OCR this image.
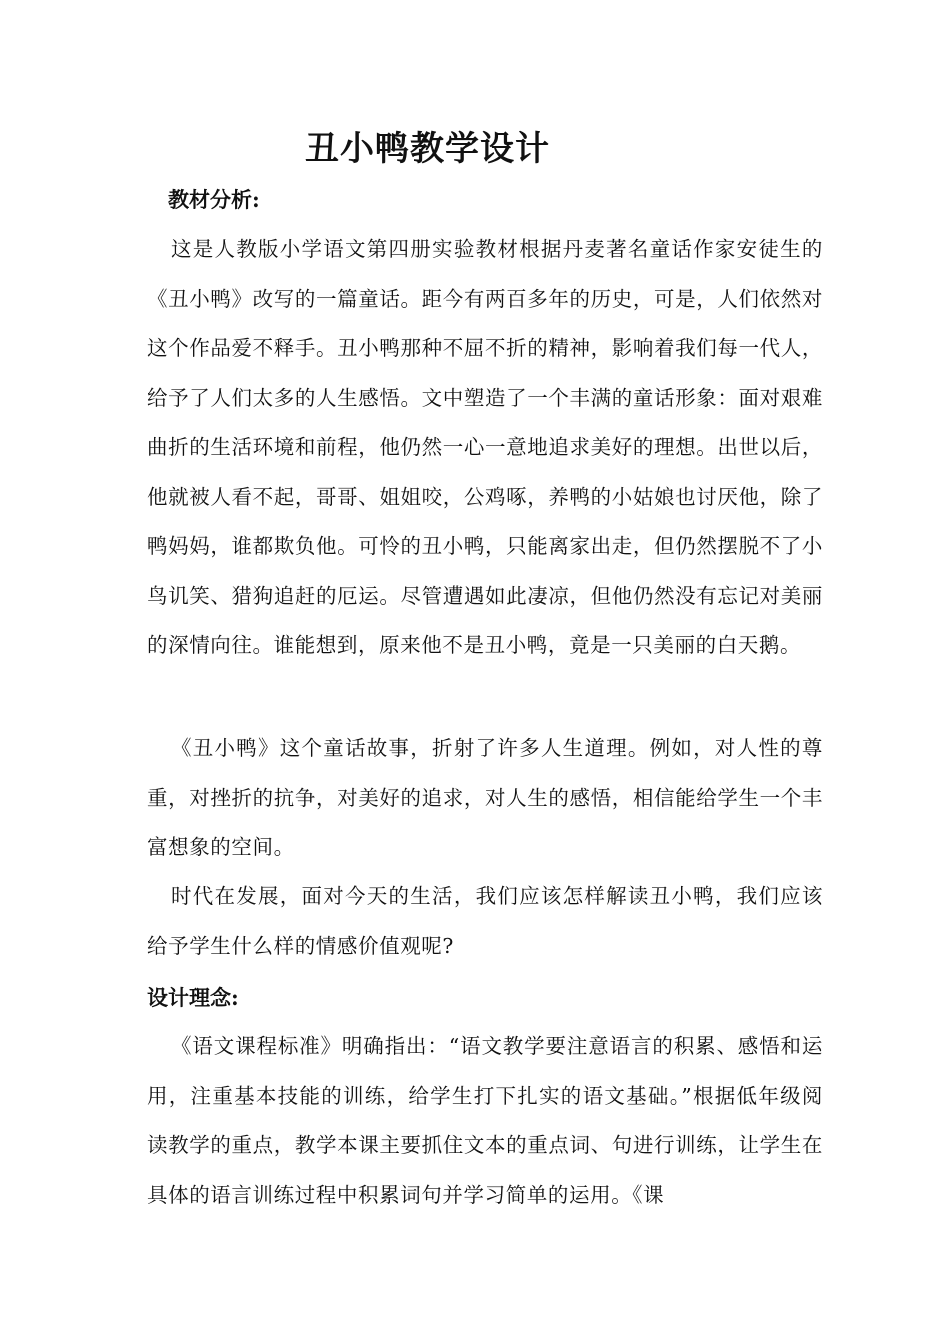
丑小鸭教学设计
教材分析:

这是人教版小学语文第四册实验教材根据丹麦著名童话作家安徒生的《丑小鸭》改写的一篇童话。距今有两百多年的历史，可是，人们依然对这个作品爱不释手。丑小鸭那种不屈不折的精神，影响着我们每一代人，给予了人们太多的人生感悟。文中塑造了一个丰满的童话形象：面对艰难曲折的生活环境和前程，他仍然一心一意地追求美好的理想。出世以后，他就被人看不起，哥哥、姐姐咬，公鸡啄，养鸭的小姑娘也讨厌他，除了鸭妈妈，谁都欺负他。可怜的丑小鸭，只能离家出走，但仍然摆脱不了小鸟讥笑、猎狗追赶的厄运。尽管遭遇如此凄凉，但他仍然没有忘记对美丽的深情向往。谁能想到，原来他不是丑小鸭，竟是一只美丽的白天鹅。

《丑小鸭》这个童话故事，折射了许多人生道理。例如，对人性的尊重，对挫折的抗争，对美好的追求，对人生的感悟，相信能给学生一个丰富想象的空间。

时代在发展，面对今天的生活，我们应该怎样解读丑小鸭，我们应该给予学生什么样的情感价值观呢?

设计理念:

《语文课程标准》明确指出：“语文教学要注意语言的积累、感悟和运用，注重基本技能的训练，给学生打下扎实的语文基础。”根据低年级阅读教学的重点，教学本课主要抓住文本的重点词、句进行训练，让学生在具体的语言训练过程中积累词句并学习简单的运用。《课
